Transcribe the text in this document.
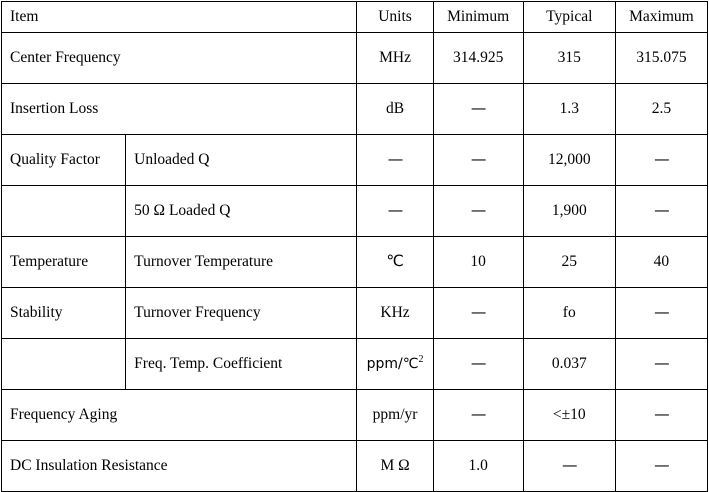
Item		Units	Minimum	Typical	Maximum
Center Frequency		MHz	314.925	315	315.075
Insertion Loss		dB	—	1.3	2.5
Quality Factor	Unloaded Q	—	—	12,000	—
	50 Ω Loaded Q	—	—	1,900	—
Temperature	Turnover Temperature	℃	10	25	40
Stability	Turnover Frequency	KHz	—	fo	—
	Freq. Temp. Coefficient	ppm/℃$^2$	—	0.037	—
Frequency Aging		ppm/yr	—	<±10	—
DC Insulation Resistance		M Ω	1.0	—	—
